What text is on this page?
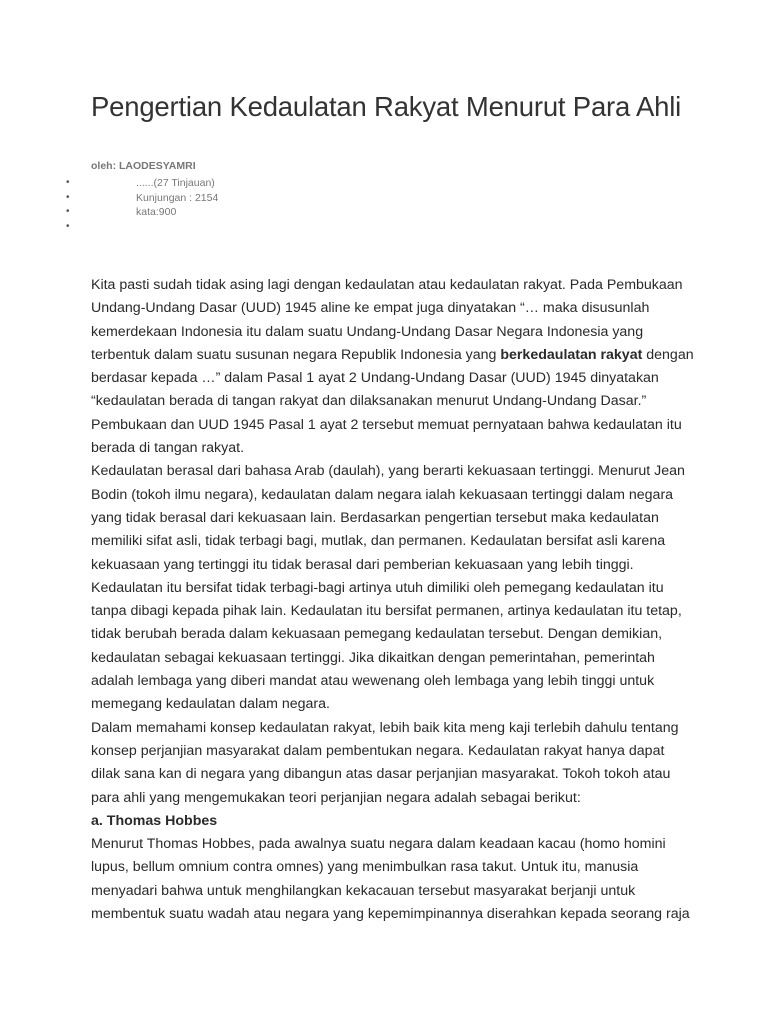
Pengertian Kedaulatan Rakyat Menurut Para Ahli
oleh: LAODESYAMRI
•	......(27 Tinjauan)
•	Kunjungan : 2154
•	kata:900
•
Kita pasti sudah tidak asing lagi dengan kedaulatan atau kedaulatan rakyat. Pada Pembukaan
Undang-Undang Dasar (UUD) 1945 aline ke empat juga dinyatakan “… maka disusunlah
kemerdekaan Indonesia itu dalam suatu Undang-Undang Dasar Negara Indonesia yang
terbentuk dalam suatu susunan negara Republik Indonesia yang berkedaulatan rakyat dengan
berdasar kepada …” dalam Pasal 1 ayat 2 Undang-Undang Dasar (UUD) 1945 dinyatakan
“kedaulatan berada di tangan rakyat dan dilaksanakan menurut Undang-Undang Dasar.”
Pembukaan dan UUD 1945 Pasal 1 ayat 2 tersebut memuat pernyataan bahwa kedaulatan itu
berada di tangan rakyat.
Kedaulatan berasal dari bahasa Arab (daulah), yang berarti kekuasaan tertinggi. Menurut Jean
Bodin (tokoh ilmu negara), kedaulatan dalam negara ialah kekuasaan tertinggi dalam negara
yang tidak berasal dari kekuasaan lain. Berdasarkan pengertian tersebut maka kedaulatan
memiliki sifat asli, tidak terbagi bagi, mutlak, dan permanen. Kedaulatan bersifat asli karena
kekuasaan yang tertinggi itu tidak berasal dari pemberian kekuasaan yang lebih tinggi.
Kedaulatan itu bersifat tidak terbagi-bagi artinya utuh dimiliki oleh pemegang kedaulatan itu
tanpa dibagi kepada pihak lain. Kedaulatan itu bersifat permanen, artinya kedaulatan itu tetap,
tidak berubah berada dalam kekuasaan pemegang kedaulatan tersebut. Dengan demikian,
kedaulatan sebagai kekuasaan tertinggi. Jika dikaitkan dengan pemerintahan, pemerintah
adalah lembaga yang diberi mandat atau wewenang oleh lembaga yang lebih tinggi untuk
memegang kedaulatan dalam negara.
Dalam memahami konsep kedaulatan rakyat, lebih baik kita meng kaji terlebih dahulu tentang
konsep perjanjian masyarakat dalam pembentukan negara. Kedaulatan rakyat hanya dapat
dilak sana kan di negara yang dibangun atas dasar perjanjian masyarakat. Tokoh tokoh atau
para ahli yang mengemukakan teori perjanjian negara adalah sebagai berikut:
a. Thomas Hobbes
Menurut Thomas Hobbes, pada awalnya suatu negara dalam keadaan kacau (homo homini
lupus, bellum omnium contra omnes) yang menimbulkan rasa takut. Untuk itu, manusia
menyadari bahwa untuk menghilangkan kekacauan tersebut masyarakat berjanji untuk
membentuk suatu wadah atau negara yang kepemimpinannya diserahkan kepada seorang raja
